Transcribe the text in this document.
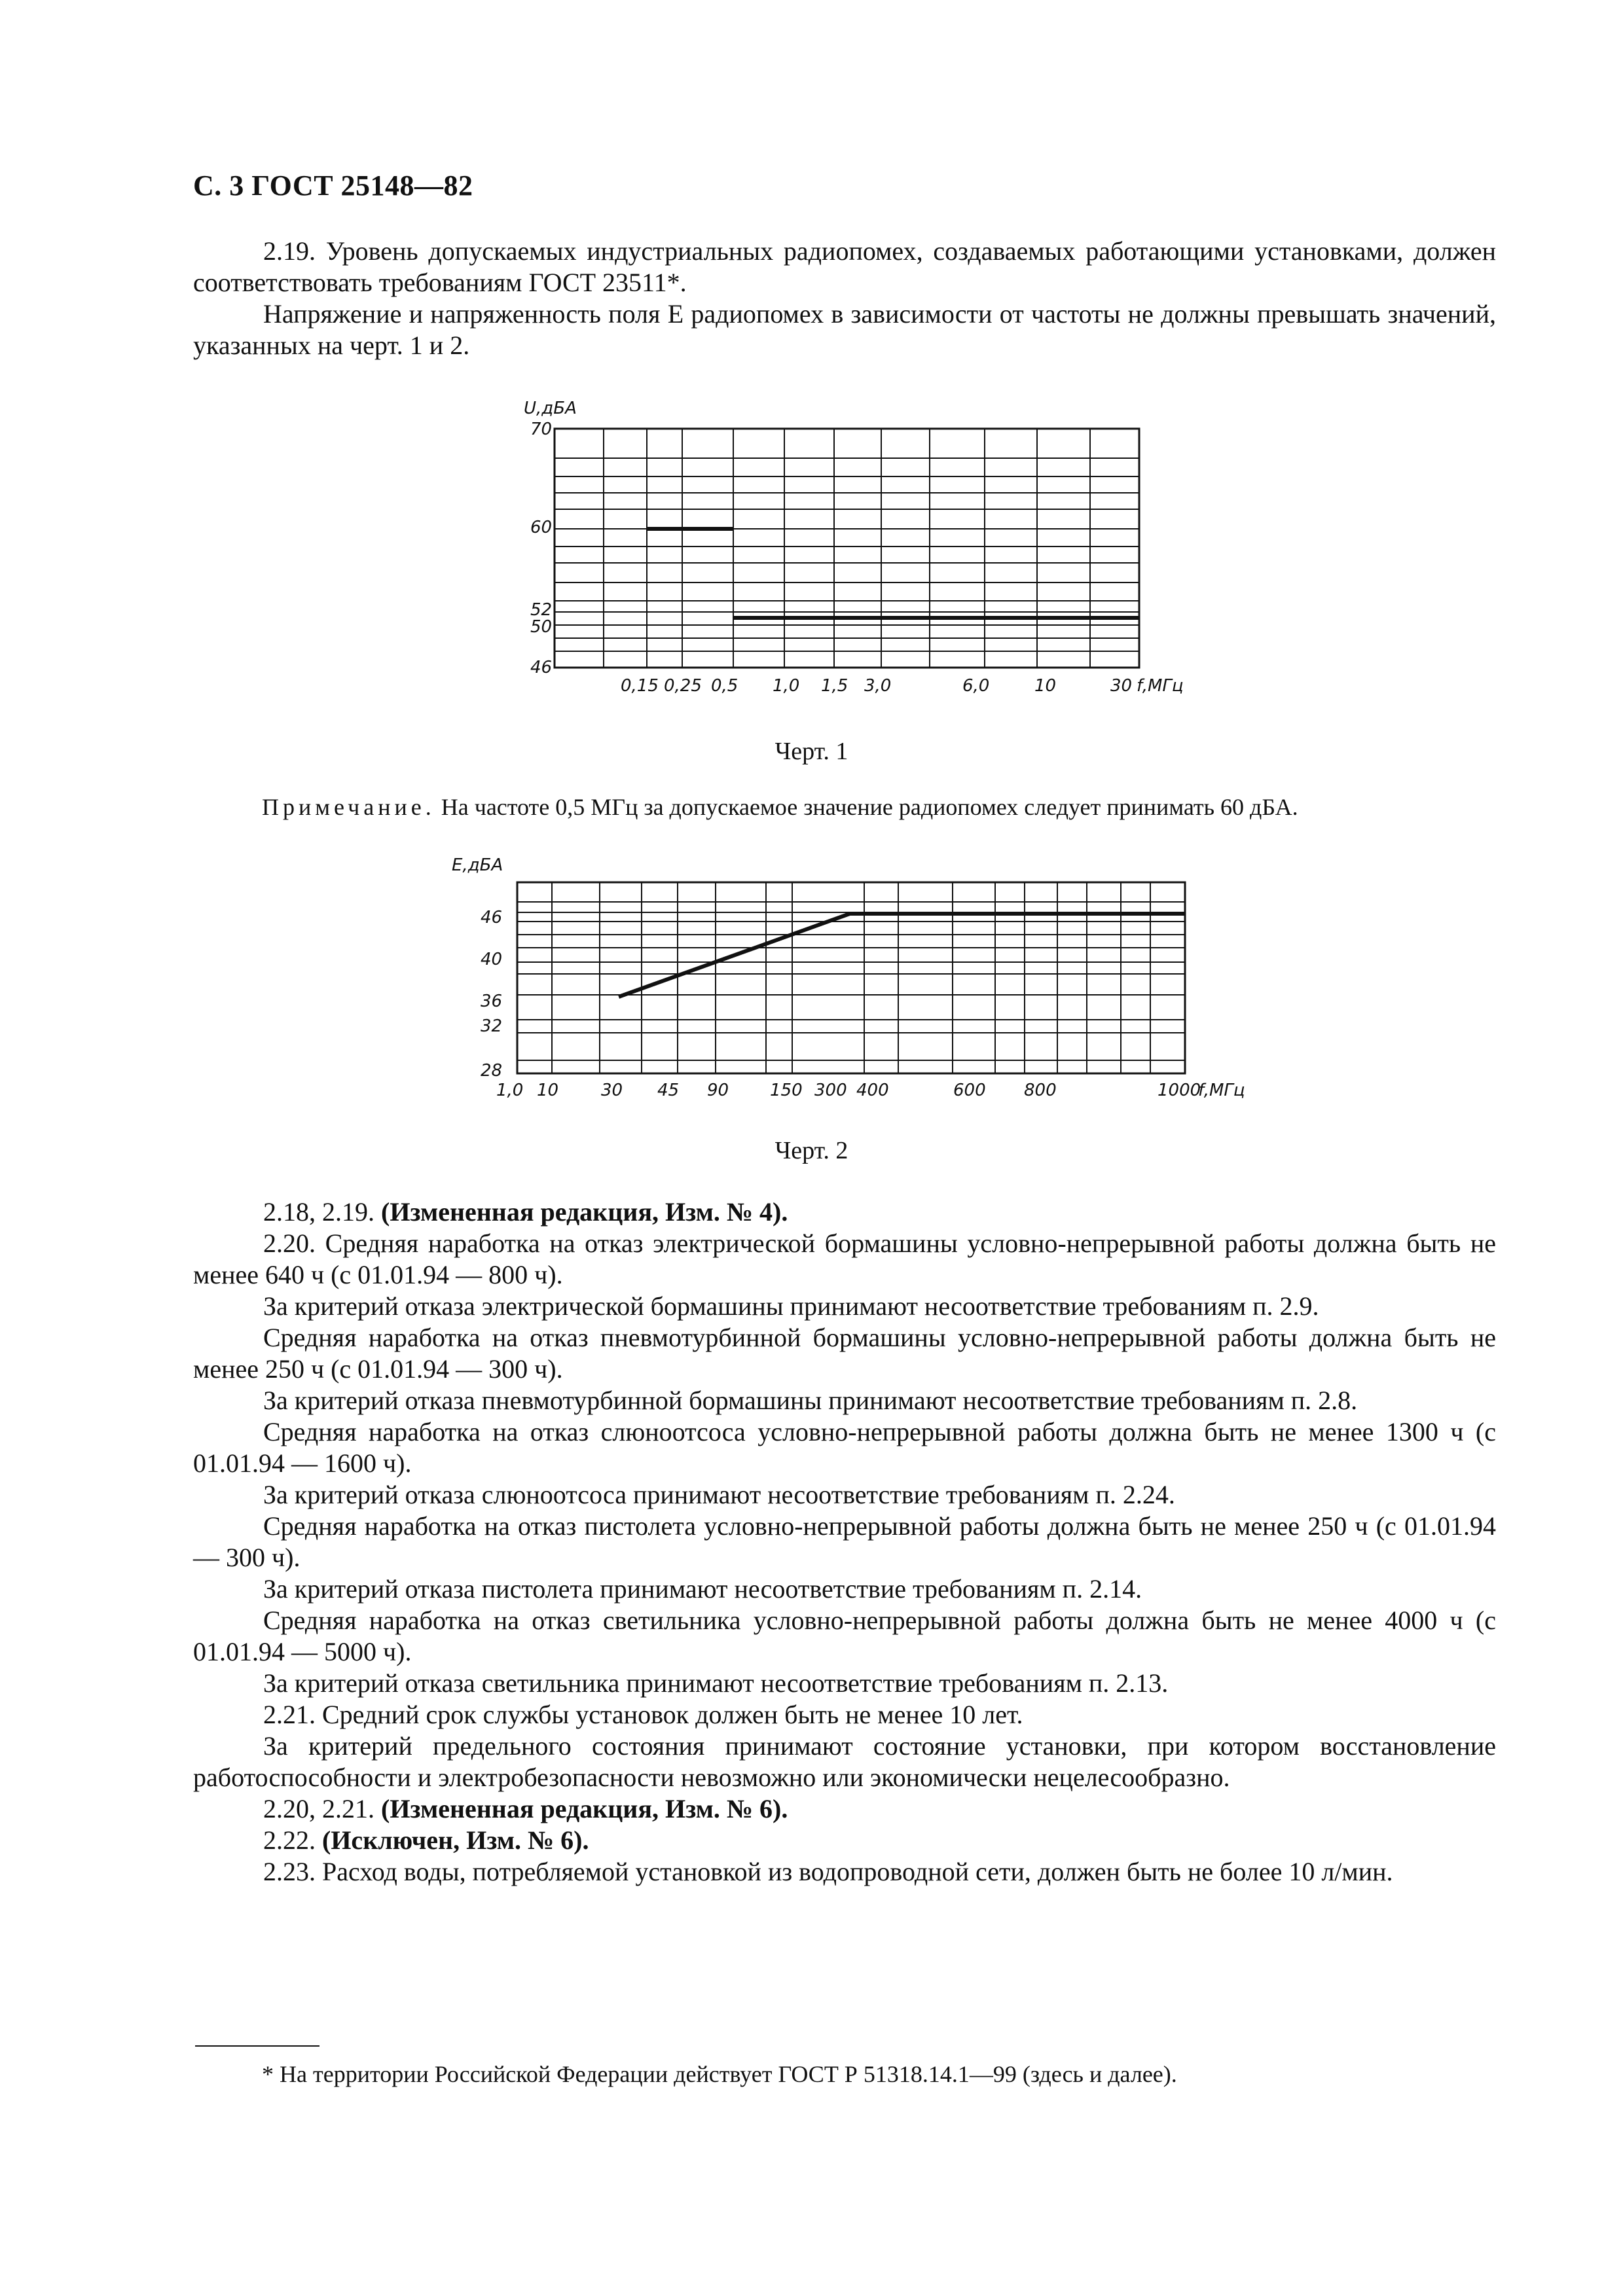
С. 3 ГОСТ 25148—82

2.19. Уровень допускаемых индустриальных радиопомех, создаваемых работающими установками, должен соответствовать требованиям ГОСТ 23511*.

Напряжение и напряженность поля E радиопомех в зависимости от частоты не должны превышать значений, указанных на черт. 1 и 2.

U,дБА
70
60
52
50
46
0,15 0,25 0,5 1,0 1,5 3,0	6,0	10	30 f,МГц
Черт. 1
Примечание. На частоте 0,5 МГц за допускаемое значение радиопомех следует принимать 60 дБА.
E,дБА
46
40
36
32
28
1,0 10 30 45 90 150 300 400	600 800	1000
f,МГц
Черт. 2

2.18, 2.19. (Измененная редакция, Изм. № 4).

2.20. Средняя наработка на отказ электрической бормашины условно-непрерывной работы должна быть не менее 640 ч (с 01.01.94 — 800 ч).

За критерий отказа электрической бормашины принимают несоответствие требованиям п. 2.9.

Средняя наработка на отказ пневмотурбинной бормашины условно-непрерывной работы должна быть не менее 250 ч (с 01.01.94 — 300 ч).

За критерий отказа пневмотурбинной бормашины принимают несоответствие требованиям п. 2.8.

Средняя наработка на отказ слюноотсоса условно-непрерывной работы должна быть не менее 1300 ч (с 01.01.94 — 1600 ч).

За критерий отказа слюноотсоса принимают несоответствие требованиям п. 2.24.

Средняя наработка на отказ пистолета условно-непрерывной работы должна быть не менее 250 ч (с 01.01.94 — 300 ч).

За критерий отказа пистолета принимают несоответствие требованиям п. 2.14.

Средняя наработка на отказ светильника условно-непрерывной работы должна быть не менее 4000 ч (с 01.01.94 — 5000 ч).

За критерий отказа светильника принимают несоответствие требованиям п. 2.13.

2.21. Средний срок службы установок должен быть не менее 10 лет.

За критерий предельного состояния принимают состояние установки, при котором восстановление работоспособности и электробезопасности невозможно или экономически нецелесообразно.

2.20, 2.21. (Измененная редакция, Изм. № 6).

2.22. (Исключен, Изм. № 6).

2.23. Расход воды, потребляемой установкой из водопроводной сети, должен быть не более 10 л/мин.

* На территории Российской Федерации действует ГОСТ Р 51318.14.1—99 (здесь и далее).
